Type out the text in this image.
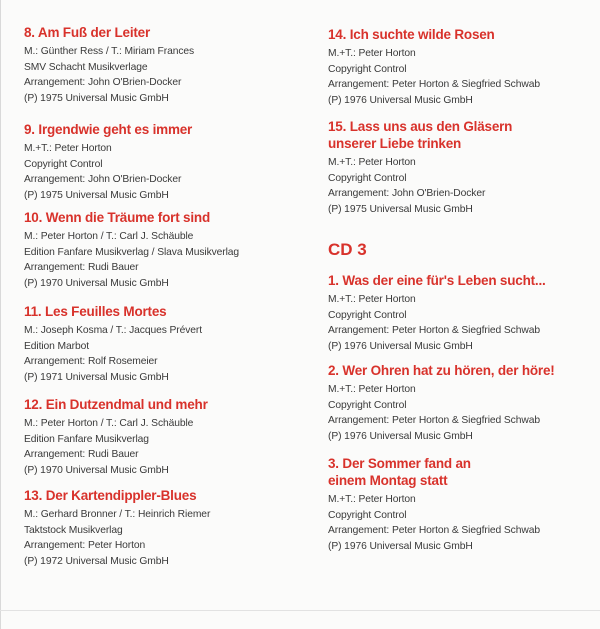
8. Am Fuß der Leiter
M.: Günther Ress / T.: Miriam Frances
SMV Schacht Musikverlage
Arrangement: John O'Brien-Docker
(P) 1975 Universal Music GmbH
9. Irgendwie geht es immer
M.+T.: Peter Horton
Copyright Control
Arrangement: John O'Brien-Docker
(P) 1975 Universal Music GmbH
10. Wenn die Träume fort sind
M.: Peter Horton / T.: Carl J. Schäuble
Edition Fanfare Musikverlag / Slava Musikverlag
Arrangement: Rudi Bauer
(P) 1970 Universal Music GmbH
11. Les Feuilles Mortes
M.: Joseph Kosma / T.: Jacques Prévert
Edition Marbot
Arrangement: Rolf Rosemeier
(P) 1971 Universal Music GmbH
12. Ein Dutzendmal und mehr
M.: Peter Horton / T.: Carl J. Schäuble
Edition Fanfare Musikverlag
Arrangement: Rudi Bauer
(P) 1970 Universal Music GmbH
13. Der Kartendippler-Blues
M.: Gerhard Bronner / T.: Heinrich Riemer
Taktstock Musikverlag
Arrangement: Peter Horton
(P) 1972 Universal Music GmbH
14. Ich suchte wilde Rosen
M.+T.: Peter Horton
Copyright Control
Arrangement: Peter Horton & Siegfried Schwab
(P) 1976 Universal Music GmbH
15. Lass uns aus den Gläsern
unserer Liebe trinken
M.+T.: Peter Horton
Copyright Control
Arrangement: John O'Brien-Docker
(P) 1975 Universal Music GmbH
CD 3
1. Was der eine für's Leben sucht...
M.+T.: Peter Horton
Copyright Control
Arrangement: Peter Horton & Siegfried Schwab
(P) 1976 Universal Music GmbH
2. Wer Ohren hat zu hören, der höre!
M.+T.: Peter Horton
Copyright Control
Arrangement: Peter Horton & Siegfried Schwab
(P) 1976 Universal Music GmbH
3. Der Sommer fand an
einem Montag statt
M.+T.: Peter Horton
Copyright Control
Arrangement: Peter Horton & Siegfried Schwab
(P) 1976 Universal Music GmbH
